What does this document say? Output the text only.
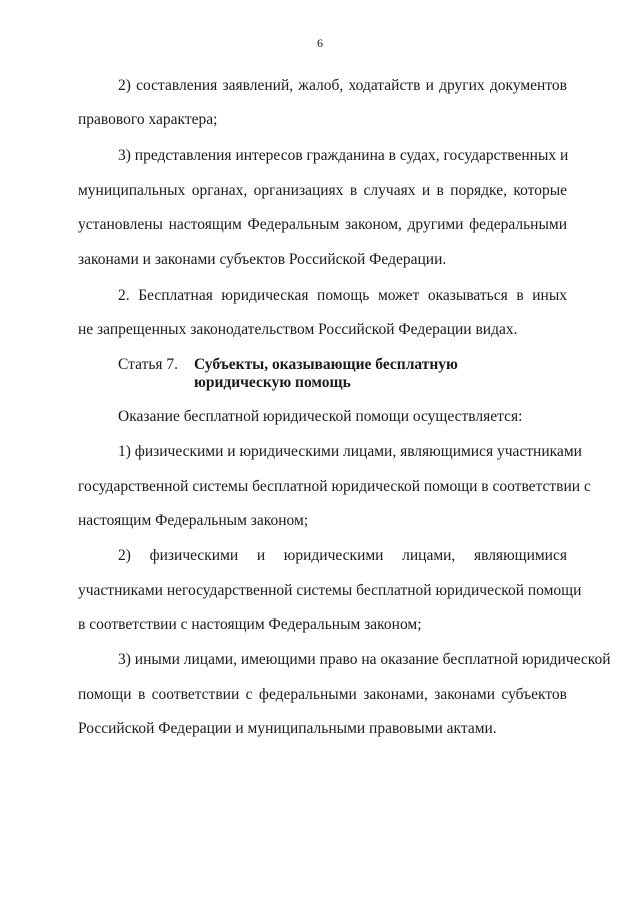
6
2) составления заявлений, жалоб, ходатайств и других документов
правового характера;
3) представления интересов гражданина в судах, государственных и
муниципальных органах, организациях в случаях и в порядке, которые
установлены настоящим Федеральным законом, другими федеральными
законами и законами субъектов Российской Федерации.
2. Бесплатная юридическая помощь может оказываться в иных
не запрещенных законодательством Российской Федерации видах.
Статья 7. Субъекты, оказывающие бесплатную
юридическую помощь
Оказание бесплатной юридической помощи осуществляется:
1) физическими и юридическими лицами, являющимися участниками
государственной системы бесплатной юридической помощи в соответствии с
настоящим Федеральным законом;
2) физическими и юридическими лицами, являющимися
участниками негосударственной системы бесплатной юридической помощи
в соответствии с настоящим Федеральным законом;
3) иными лицами, имеющими право на оказание бесплатной юридической
помощи в соответствии с федеральными законами, законами субъектов
Российской Федерации и муниципальными правовыми актами.
